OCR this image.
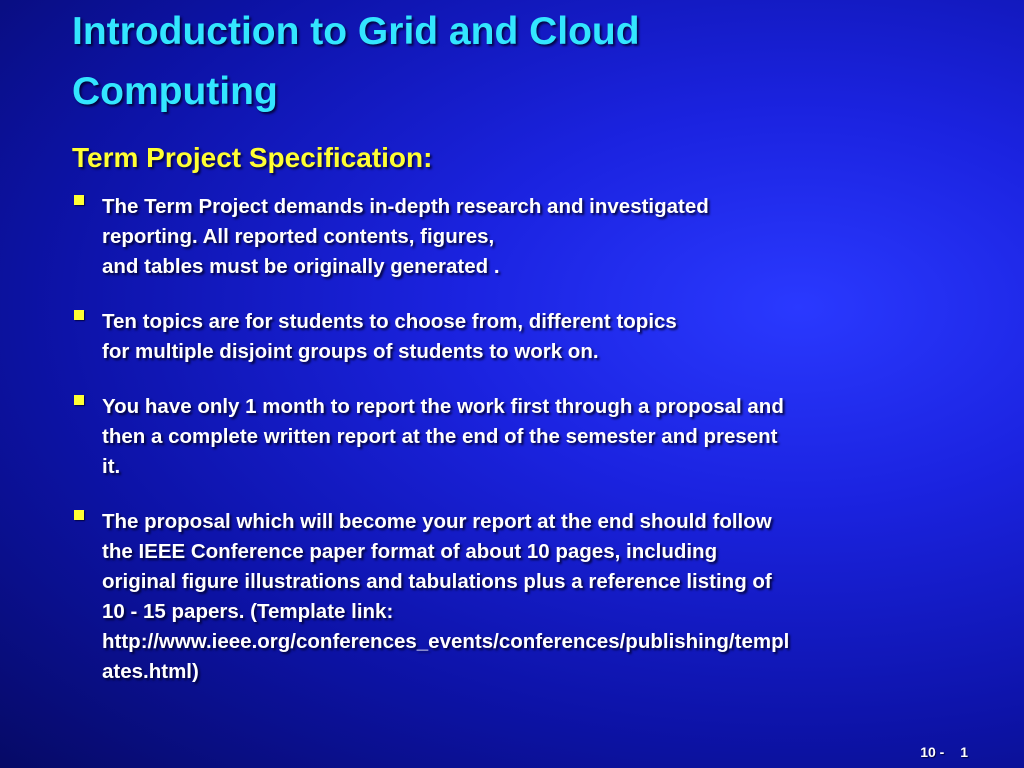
Introduction to Grid and Cloud
Computing
Term Project Specification:
The Term Project demands in-depth research and investigated
reporting. All reported contents, figures,
and tables must be originally generated .
Ten topics are for students to choose from, different topics
for multiple disjoint groups of students to work on.
You have only 1 month to report the work first through a proposal and
then a complete written report at the end of the semester and present
it.
The proposal which will become your report at the end should follow
the IEEE Conference paper format of about 10 pages, including
original figure illustrations and tabulations plus a reference listing of
10 - 15 papers. (Template link:
http://www.ieee.org/conferences_events/conferences/publishing/templ
ates.html)
10 - 1
